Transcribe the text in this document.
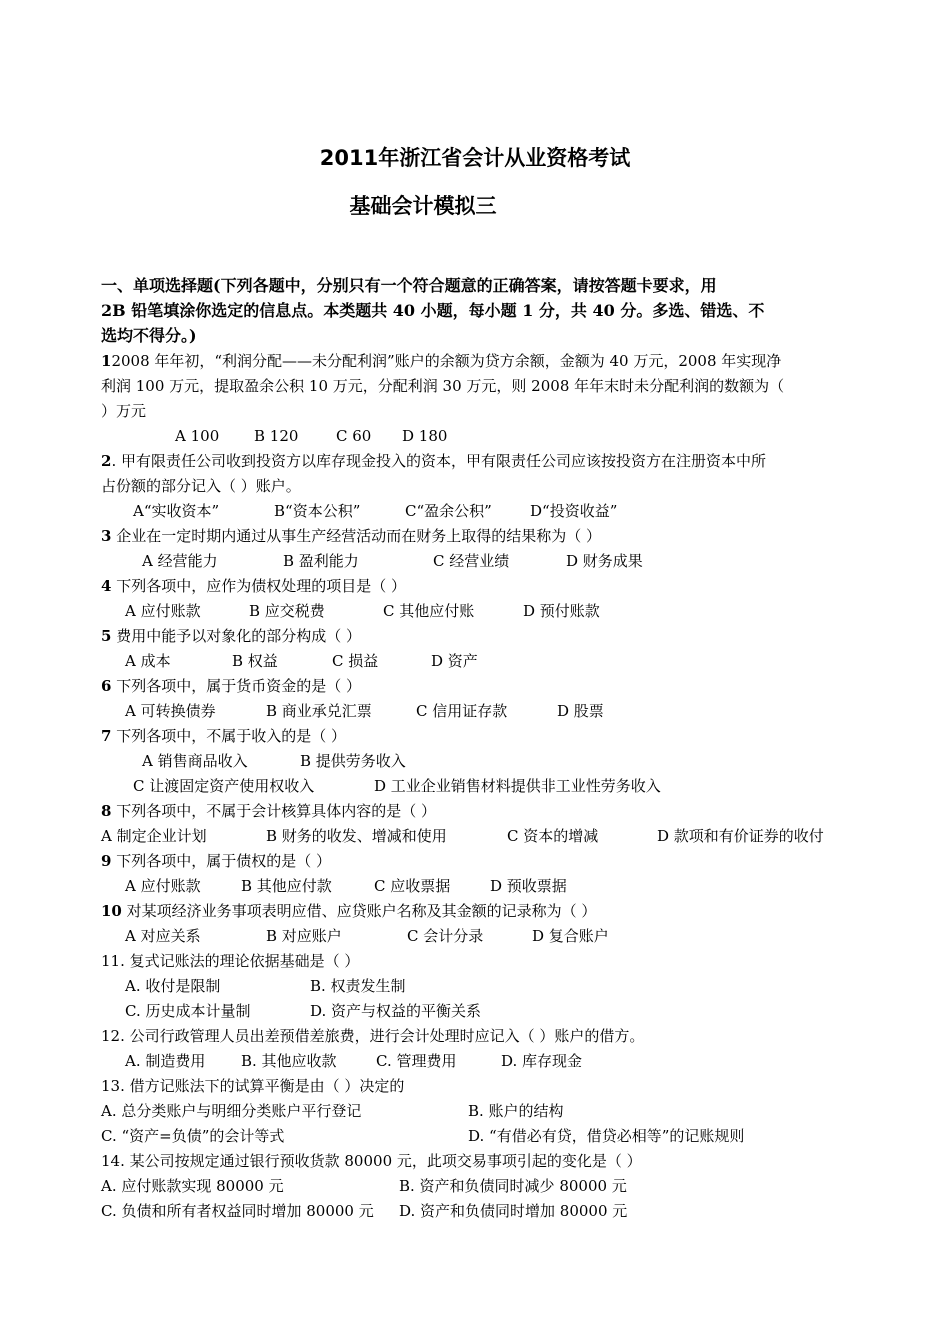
2011年浙江省会计从业资格考试
基础会计模拟三
一、单项选择题(下列各题中，分别只有一个符合题意的正确答案，请按答题卡要求，用
2B 铅笔填涂你选定的信息点。本类题共 40 小题，每小题 1 分，共 40 分。多选、错选、不
选均不得分。)
12008 年年初，“利润分配——未分配利润”账户的余额为贷方余额，金额为 40 万元，2008 年实现净
利润 100 万元，提取盈余公积 10 万元，分配利润 30 万元，则 2008 年年末时未分配利润的数额为（
）万元
A 100 B 120	C 60 D 180
2. 甲有限责任公司收到投资方以库存现金投入的资本，甲有限责任公司应该按投资方在注册资本中所
占份额的部分记入（ ）账户。
A“实收资本”	B“资本公积”	C“盈余公积”	D“投资收益”
3 企业在一定时期内通过从事生产经营活动而在财务上取得的结果称为（ ）
A 经营能力	B 盈利能力	C 经营业绩	D 财务成果
4 下列各项中，应作为债权处理的项目是（ ）
A 应付账款	B 应交税费	C 其他应付账	D 预付账款
5 费用中能予以对象化的部分构成（ ）
A 成本	B 权益	C 损益	D 资产
6 下列各项中，属于货币资金的是（ ）
A 可转换债券	B 商业承兑汇票	C 信用证存款	D 股票
7 下列各项中，不属于收入的是（ ）
A 销售商品收入	B 提供劳务收入
C 让渡固定资产使用权收入	D 工业企业销售材料提供非工业性劳务收入
8 下列各项中，不属于会计核算具体内容的是（ ）
A 制定企业计划	B 财务的收发、增减和使用	C 资本的增减	D 款项和有价证券的收付
9 下列各项中，属于债权的是（ ）
A 应付账款	B 其他应付款	C 应收票据	D 预收票据
10 对某项经济业务事项表明应借、应贷账户名称及其金额的记录称为（ ）
A 对应关系	B 对应账户	C 会计分录	D 复合账户
11. 复式记账法的理论依据基础是（ ）
A. 收付是限制	B. 权责发生制
C. 历史成本计量制	D. 资产与权益的平衡关系
12. 公司行政管理人员出差预借差旅费，进行会计处理时应记入（ ）账户的借方。
A. 制造费用 B. 其他应收款	C. 管理费用	D. 库存现金
13. 借方记账法下的试算平衡是由（ ）决定的
A. 总分类账户与明细分类账户平行登记	B. 账户的结构
C. “资产=负债”的会计等式	D. “有借必有贷，借贷必相等”的记账规则
14. 某公司按规定通过银行预收货款 80000 元，此项交易事项引起的变化是（ ）
A. 应付账款实现 80000 元	B. 资产和负债同时减少 80000 元
C. 负债和所有者权益同时增加 80000 元 D. 资产和负债同时增加 80000 元
